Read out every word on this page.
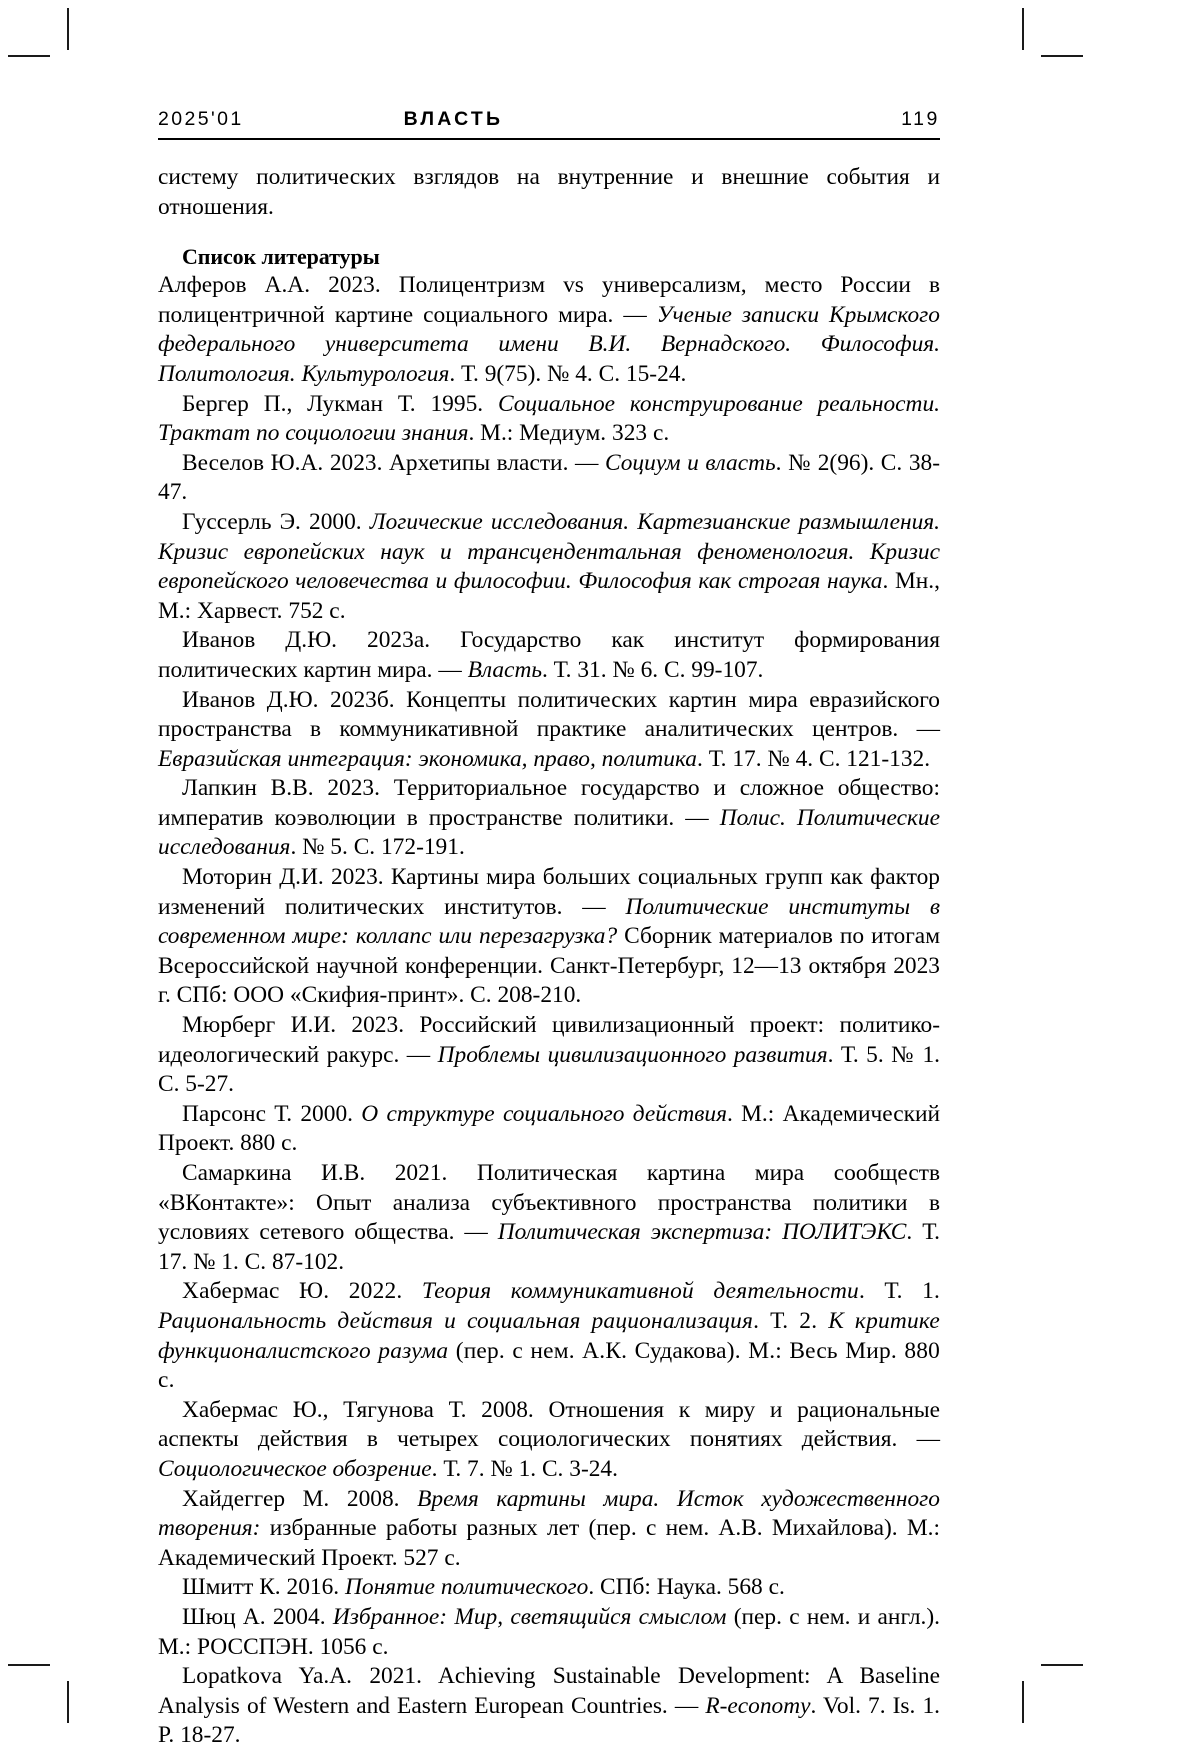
2025'01	ВЛАСТЬ	119

систему политических взглядов на внутренние и внешние события и отношения.

Список литературы

Алферов А.А. 2023. Полицентризм vs универсализм, место России в полицентричной картине социального мира. — Ученые записки Крымского федерального университета имени В.И. Вернадского. Философия. Политология. Культурология. Т. 9(75). № 4. С. 15-24.

Бергер П., Лукман Т. 1995. Социальное конструирование реальности. Трактат по социологии знания. М.: Медиум. 323 с.

Веселов Ю.А. 2023. Архетипы власти. — Социум и власть. № 2(96). С. 38-47.

Гуссерль Э. 2000. Логические исследования. Картезианские размышления. Кризис европейских наук и трансцендентальная феноменология. Кризис европейского человечества и философии. Философия как строгая наука. Мн., М.: Харвест. 752 с.

Иванов Д.Ю. 2023а. Государство как институт формирования политических картин мира. — Власть. Т. 31. № 6. С. 99-107.

Иванов Д.Ю. 2023б. Концепты политических картин мира евразийского пространства в коммуникативной практике аналитических центров. — Евразийская интеграция: экономика, право, политика. Т. 17. № 4. С. 121-132.

Лапкин В.В. 2023. Территориальное государство и сложное общество: императив коэволюции в пространстве политики. — Полис. Политические исследования. № 5. С. 172-191.

Моторин Д.И. 2023. Картины мира больших социальных групп как фактор изменений политических институтов. — Политические институты в современном мире: коллапс или перезагрузка? Сборник материалов по итогам Всероссийской научной конференции. Санкт-Петербург, 12—13 октября 2023 г. СПб: ООО «Скифия-принт». С. 208-210.

Мюрберг И.И. 2023. Российский цивилизационный проект: политико-идеологический ракурс. — Проблемы цивилизационного развития. Т. 5. № 1. С. 5-27.

Парсонс Т. 2000. О структуре социального действия. М.: Академический Проект. 880 с.

Самаркина И.В. 2021. Политическая картина мира сообществ «ВКонтакте»: Опыт анализа субъективного пространства политики в условиях сетевого общества. — Политическая экспертиза: ПОЛИТЭКС. Т. 17. № 1. С. 87-102.

Хабермас Ю. 2022. Теория коммуникативной деятельности. Т. 1. Рациональность действия и социальная рационализация. Т. 2. К критике функционалистского разума (пер. с нем. А.К. Судакова). М.: Весь Мир. 880 с.

Хабермас Ю., Тягунова Т. 2008. Отношения к миру и рациональные аспекты действия в четырех социологических понятиях действия. — Социологическое обозрение. Т. 7. № 1. С. 3-24.

Хайдеггер М. 2008. Время картины мира. Исток художественного творения: избранные работы разных лет (пер. с нем. А.В. Михайлова). М.: Академический Проект. 527 с.

Шмитт К. 2016. Понятие политического. СПб: Наука. 568 с.

Шюц А. 2004. Избранное: Мир, светящийся смыслом (пер. с нем. и англ.). М.: РОССПЭН. 1056 с.

Lopatkova Ya.A. 2021. Achieving Sustainable Development: A Baseline Analysis of Western and Eastern European Countries. — R-economy. Vol. 7. Is. 1. P. 18-27.
